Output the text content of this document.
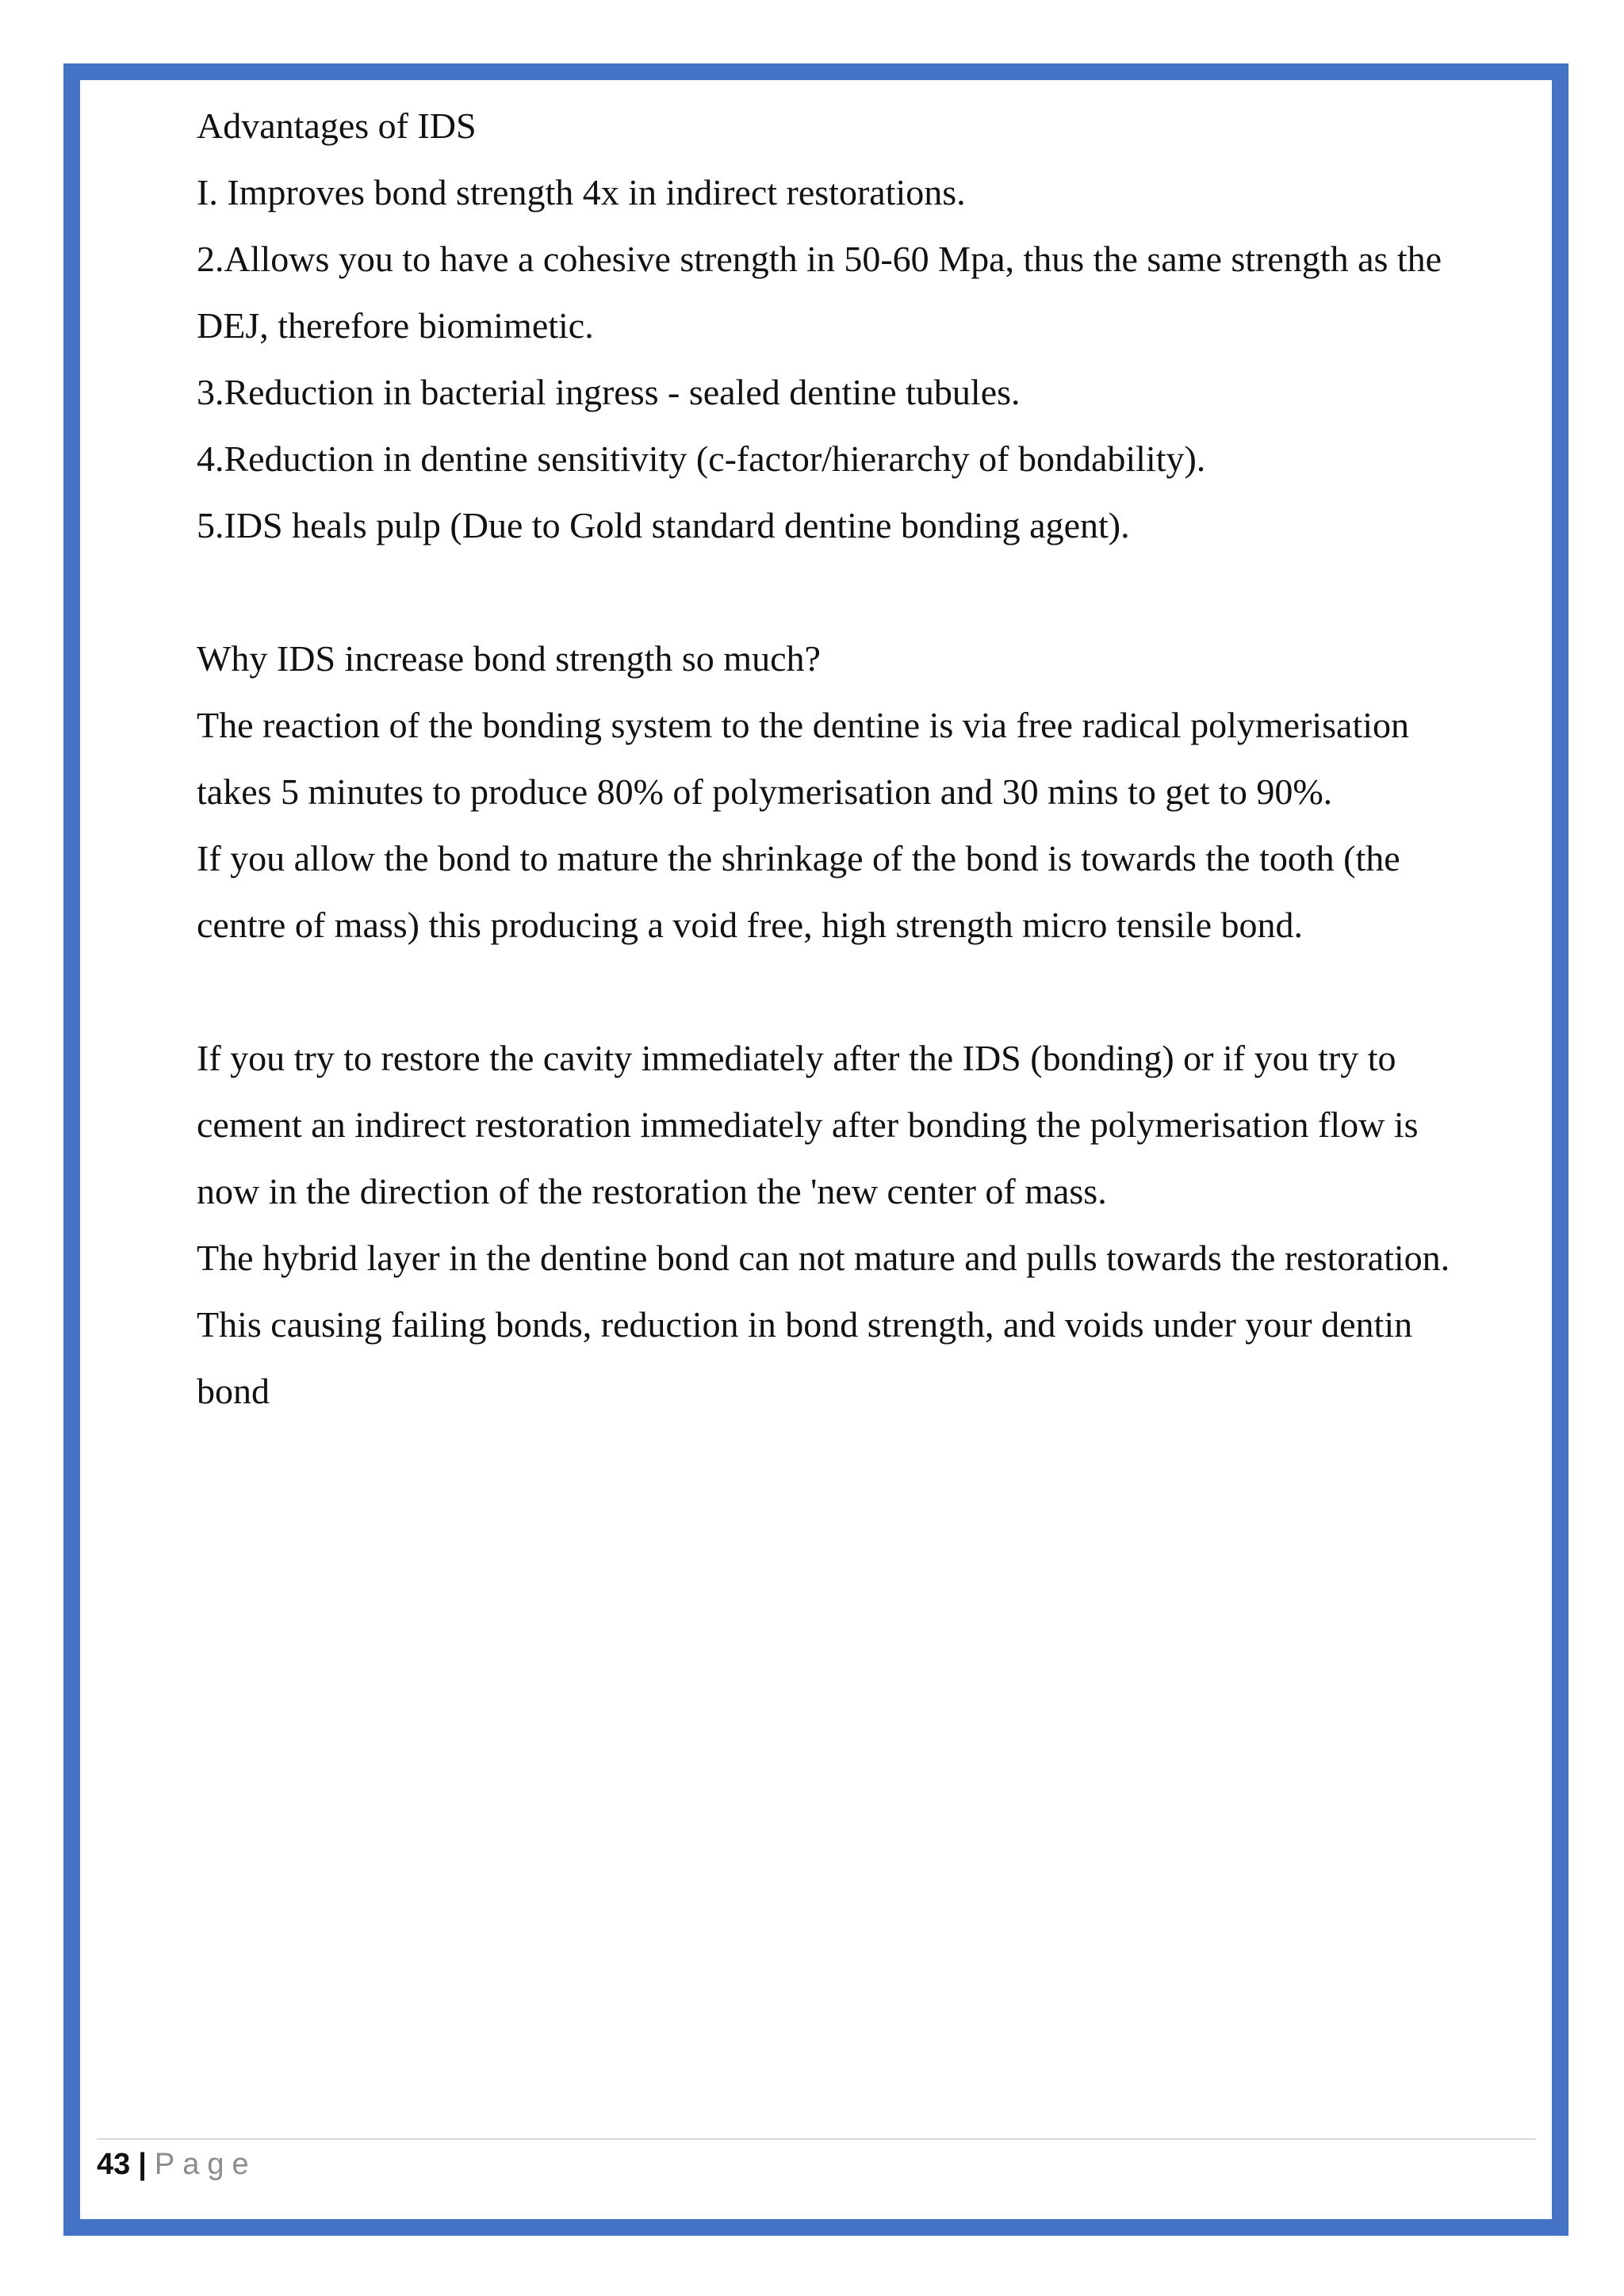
Advantages of IDS
I. Improves bond strength 4x in indirect restorations.
2.Allows you to have a cohesive strength in 50-60 Mpa, thus the same strength as the
DEJ, therefore biomimetic.
3.Reduction in bacterial ingress - sealed dentine tubules.
4.Reduction in dentine sensitivity (c-factor/hierarchy of bondability).
5.IDS heals pulp (Due to Gold standard dentine bonding agent).
Why IDS increase bond strength so much?
The reaction of the bonding system to the dentine is via free radical polymerisation
takes 5 minutes to produce 80% of polymerisation and 30 mins to get to 90%.
If you allow the bond to mature the shrinkage of the bond is towards the tooth (the
centre of mass) this producing a void free, high strength micro tensile bond.
If you try to restore the cavity immediately after the IDS (bonding) or if you try to
cement an indirect restoration immediately after bonding the polymerisation flow is
now in the direction of the restoration the 'new center of mass.
The hybrid layer in the dentine bond can not mature and pulls towards the restoration.
This causing failing bonds, reduction in bond strength, and voids under your dentin
bond
43 | Page
